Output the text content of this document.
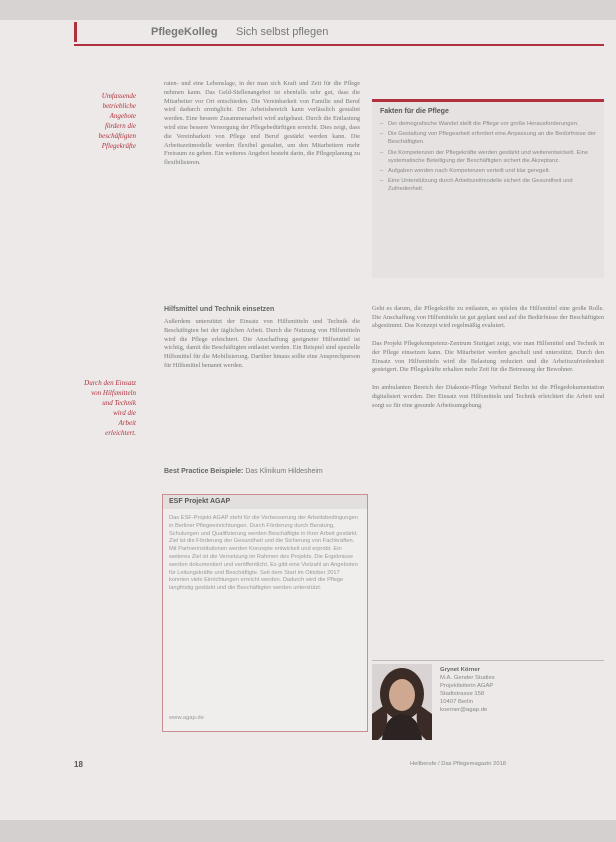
PflegeKolleg Sich selbst pflegen
Umfassende
betriebliche
Angebote
fördern die
beschäftigten
Pflegekräfte
Durch den Einsatz
von Hilfsmitteln
und Technik
wird die
Arbeit
erleichtert.

raten- und eine Lebenslage, in der man sich Kraft und Zeit für die Pflege nehmen kann. Das Geld-Stellenangebot ist ebenfalls sehr gut, dass die Mitarbeiter vor Ort entschieden. Die Vereinbarkeit von Familie und Beruf wird dadurch ermöglicht. Der Arbeitsbereich kann verlässlich gestaltet werden. Eine bessere Zusammenarbeit wird aufgebaut. Durch die Entlastung wird eine bessere Versorgung der Pflegebedürftigen erreicht. Dies zeigt, dass die Vereinbarkeit von Pflege und Beruf gestärkt werden kann. Die Arbeitszeitmodelle werden flexibel gestaltet, um den Mitarbeitern mehr Freiraum zu geben. Ein weiteres Angebot besteht darin, die Pflegeplanung zu flexibilisieren.

Hilfsmittel und Technik einsetzen

Außerdem unterstützt der Einsatz von Hilfsmitteln und Technik die Beschäftigten bei der täglichen Arbeit. Durch die Nutzung von Hilfsmitteln wird die Pflege erleichtert. Die Anschaffung geeigneter Hilfsmittel ist wichtig, damit die Beschäftigten entlastet werden. Ein Beispiel sind spezielle Hilfsmittel für die Mobilisierung. Darüber hinaus sollte eine Ansprechperson für Hilfsmittel benannt werden.

Best Practice Beispiele: Das Klinikum Hildesheim
Fakten für die Pflege
– Der demografische Wandel stellt die Pflege vor große Herausforderungen.
– Die Gestaltung von Pflegearbeit erfordert eine Anpassung an die Bedürfnisse der Beschäftigten.
– Die Kompetenzen der Pflegekräfte werden gestärkt und weiterentwickelt. Eine systematische Beteiligung der Beschäftigten sichert die Akzeptanz.
– Aufgaben werden nach Kompetenzen verteilt und klar geregelt.
– Eine Unterstützung durch Arbeitszeitmodelle sichert die Gesundheit und Zufriedenheit.

Geht es darum, die Pflegekräfte zu entlasten, so spielen die Hilfsmittel eine große Rolle. Die Anschaffung von Hilfsmitteln ist gut geplant und auf die Bedürfnisse der Beschäftigten abgestimmt. Das Konzept wird regelmäßig evaluiert.

Das Projekt Pflegekompetenz-Zentrum Stuttgart zeigt, wie man Hilfsmittel und Technik in der Pflege einsetzen kann. Die Mitarbeiter werden geschult und unterstützt. Durch den Einsatz von Hilfsmitteln wird die Belastung reduziert und die Arbeitszufriedenheit gesteigert. Die Pflegekräfte erhalten mehr Zeit für die Betreuung der Bewohner.

Im ambulanten Bereich der Diakonie-Pflege Verbund Berlin ist die Pflegedokumentation digitalisiert worden. Der Einsatz von Hilfsmitteln und Technik erleichtert die Arbeit und sorgt so für eine gesunde Arbeitsumgebung.

ESF Projekt AGAP
Das ESF-Projekt AGAP steht für die Verbesserung der Arbeitsbedingungen in Berliner Pflegeeinrichtungen. Durch Förderung durch Beratung, Schulungen und Qualifizierung werden Beschäftigte in ihrer Arbeit gestärkt. Ziel ist die Förderung der Gesundheit und die Sicherung von Fachkräften. Mit Partnerinstitutionen werden Konzepte entwickelt und erprobt. Ein weiteres Ziel ist die Vernetzung im Rahmen des Projekts. Die Ergebnisse werden dokumentiert und veröffentlicht. Es gibt eine Vielzahl an Angeboten für Leitungskräfte und Beschäftigte. Seit dem Start im Oktober 2017 konnten viele Einrichtungen erreicht werden. Dadurch wird die Pflege langfristig gestärkt und die Beschäftigten werden unterstützt.
www.agap.de
Grynet Körner
M.A. Gender Studies
Projektleiterin AGAP
Stadtstrasse 158
10407 Berlin
koerner@agap.de
18	Heilberufe / Das Pflegemagazin 2018
